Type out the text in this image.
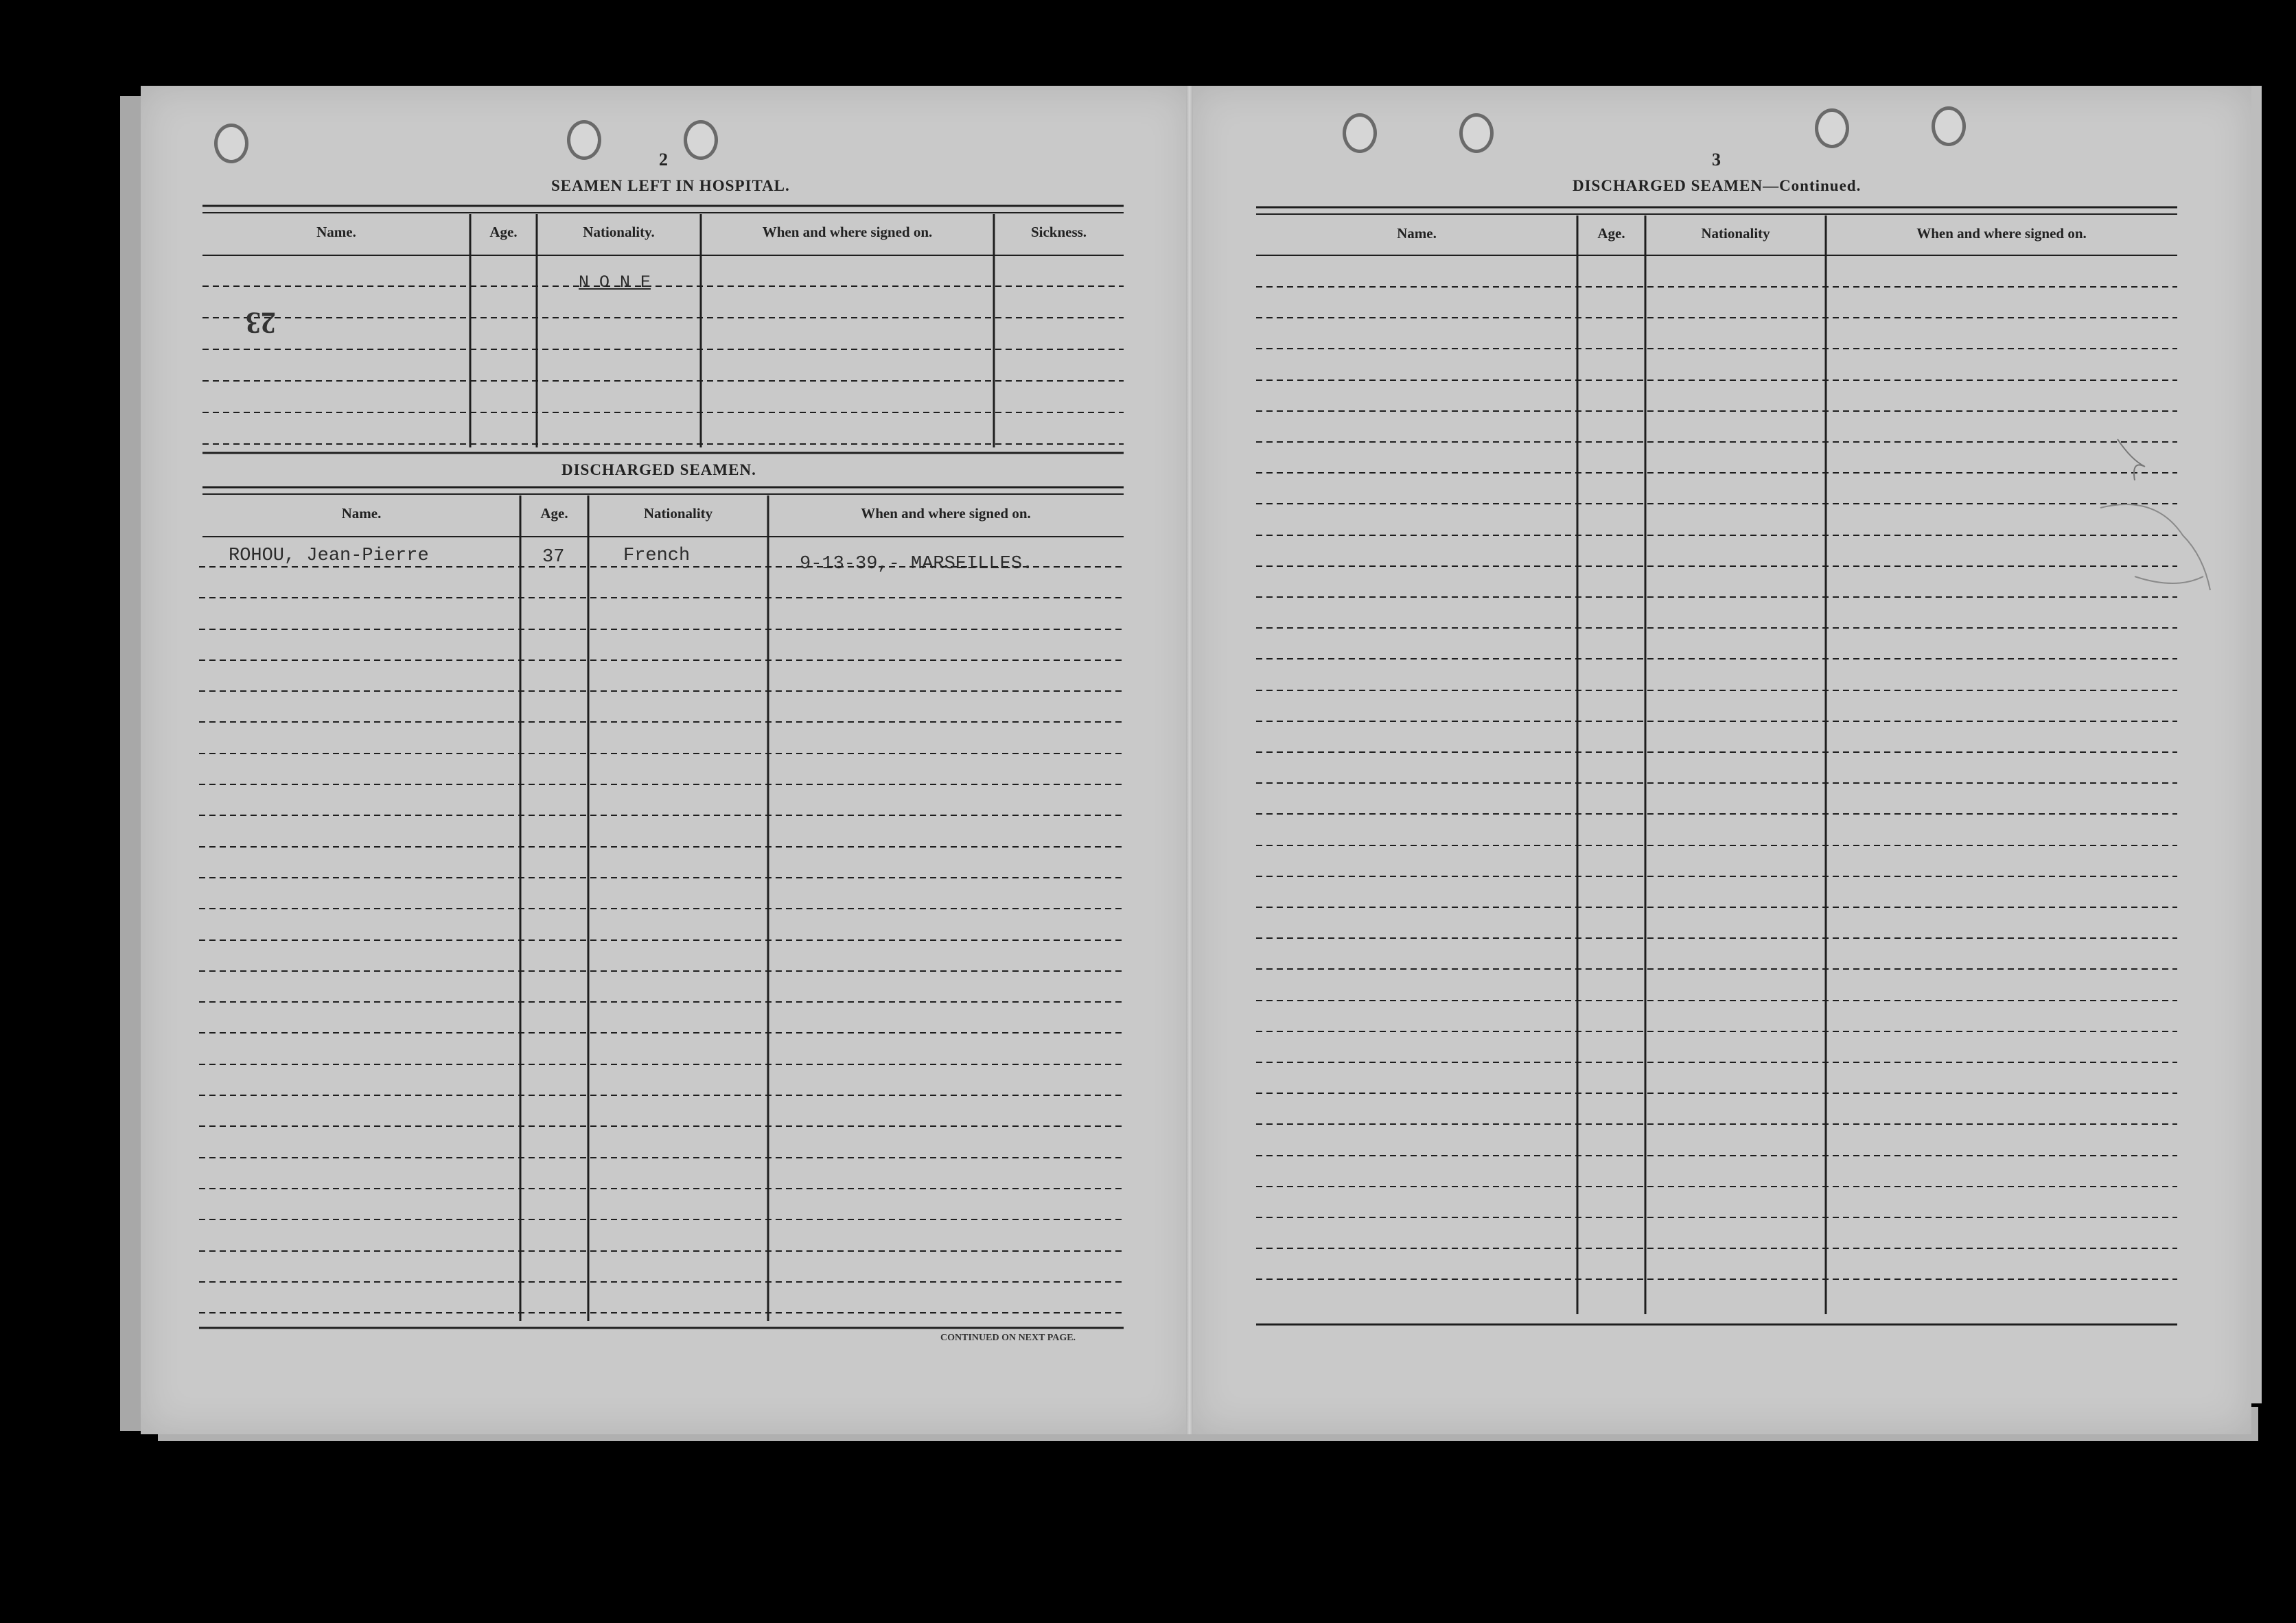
2
SEAMEN LEFT IN HOSPITAL.
Name.	Age.	Nationality.	When and where signed on.	Sickness.
N O N E
23
DISCHARGED SEAMEN.
Name.	Age.	Nationality	When and where signed on.
ROHOU, Jean-Pierre	37	French	9-13-39,- MARSEILLES.
CONTINUED ON NEXT PAGE.
3
DISCHARGED SEAMEN—Continued.
Name.	Age.	Nationality	When and where signed on.
